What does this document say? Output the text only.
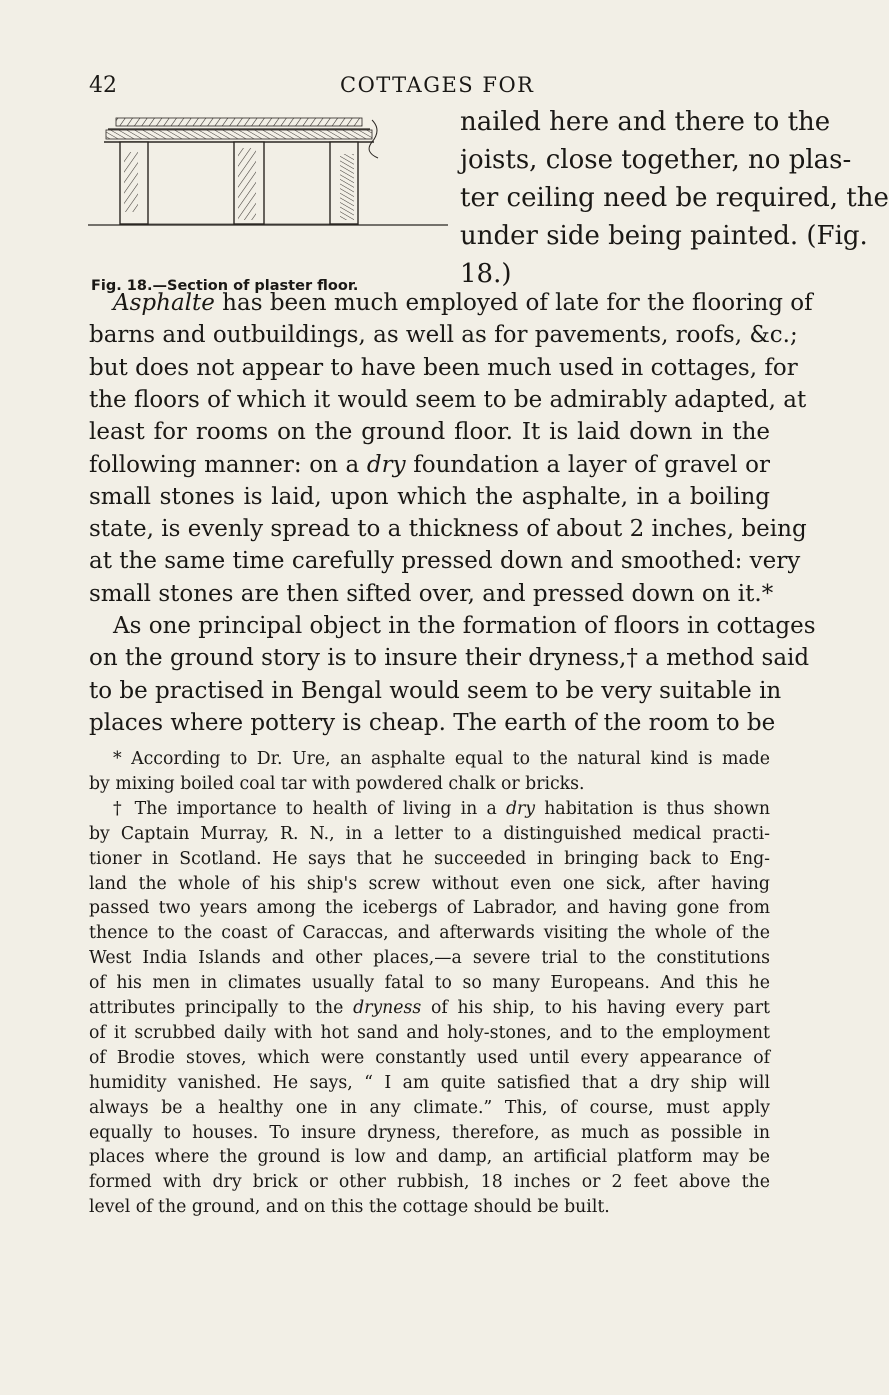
42	COTTAGES FOR
Fig. 18.—Section of plaster floor.
nailed here and there to the
joists, close together, no plas-
ter ceiling need be required, the
under side being painted. (Fig.
18.)
Asphalte has been much employed of late for the flooring of
barns and outbuildings, as well as for pavements, roofs, &c.;
but does not appear to have been much used in cottages, for
the floors of which it would seem to be admirably adapted, at
least for rooms on the ground floor. It is laid down in the
following manner: on a dry foundation a layer of gravel or
small stones is laid, upon which the asphalte, in a boiling
state, is evenly spread to a thickness of about 2 inches, being
at the same time carefully pressed down and smoothed: very
small stones are then sifted over, and pressed down on it.*
As one principal object in the formation of floors in cottages
on the ground story is to insure their dryness,† a method said
to be practised in Bengal would seem to be very suitable in
places where pottery is cheap. The earth of the room to be
* According to Dr. Ure, an asphalte equal to the natural kind is made
by mixing boiled coal tar with powdered chalk or bricks.
† The importance to health of living in a dry habitation is thus shown
by Captain Murray, R. N., in a letter to a distinguished medical practi-
tioner in Scotland. He says that he succeeded in bringing back to Eng-
land the whole of his ship's screw without even one sick, after having
passed two years among the icebergs of Labrador, and having gone from
thence to the coast of Caraccas, and afterwards visiting the whole of the
West India Islands and other places,—a severe trial to the constitutions
of his men in climates usually fatal to so many Europeans. And this he
attributes principally to the dryness of his ship, to his having every part
of it scrubbed daily with hot sand and holy-stones, and to the employment
of Brodie stoves, which were constantly used until every appearance of
humidity vanished. He says, “ I am quite satisfied that a dry ship will
always be a healthy one in any climate.” This, of course, must apply
equally to houses. To insure dryness, therefore, as much as possible in
places where the ground is low and damp, an artificial platform may be
formed with dry brick or other rubbish, 18 inches or 2 feet above the
level of the ground, and on this the cottage should be built.
